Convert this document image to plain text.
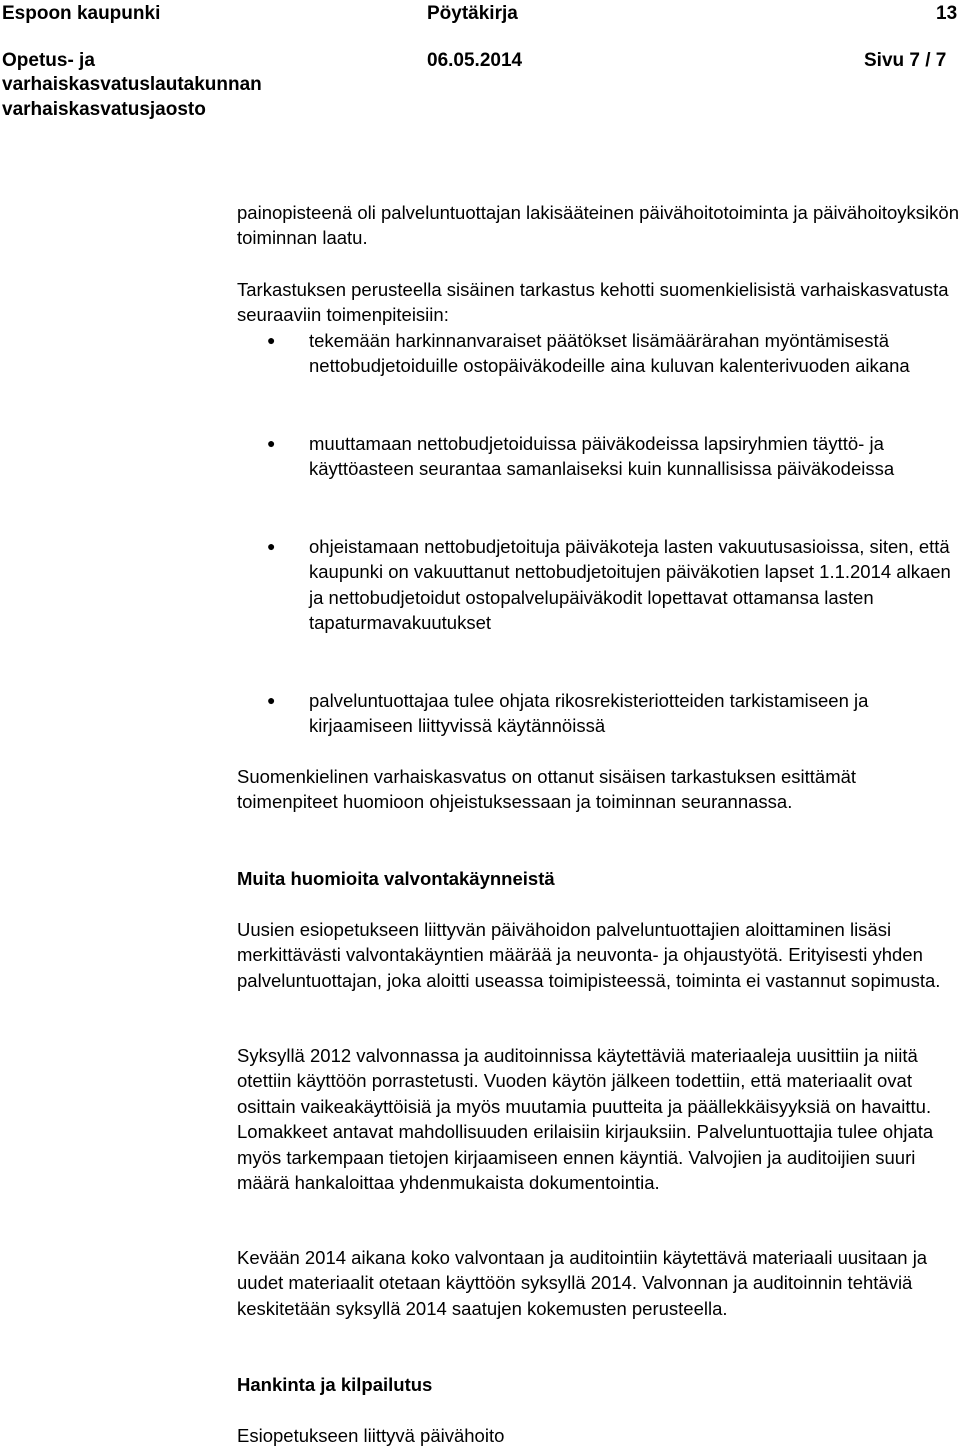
Espoon kaupunki	Pöytäkirja	13
Opetus- ja	06.05.2014	Sivu 7 / 7
varhaiskasvatuslautakunnan
varhaiskasvatusjaosto

painopisteenä oli palveluntuottajan lakisääteinen päivähoitotoiminta ja päivähoitoyksikön toiminnan laatu.

Tarkastuksen perusteella sisäinen tarkastus kehotti suomenkielisistä varhaiskasvatusta seuraaviin toimenpiteisiin:

● tekemään harkinnanvaraiset päätökset lisämäärärahan myöntämisestä nettobudjetoiduille ostopäiväkodeille aina kuluvan kalenterivuoden aikana
● muuttamaan nettobudjetoiduissa päiväkodeissa lapsiryhmien täyttö- ja käyttöasteen seurantaa samanlaiseksi kuin kunnallisissa päiväkodeissa
● ohjeistamaan nettobudjetoituja päiväkoteja lasten vakuutusasioissa, siten, että kaupunki on vakuuttanut nettobudjetoitujen päiväkotien lapset 1.1.2014 alkaen ja nettobudjetoidut ostopalvelupäiväkodit lopettavat ottamansa lasten tapaturmavakuutukset
● palveluntuottajaa tulee ohjata rikosrekisteriotteiden tarkistamiseen ja kirjaamiseen liittyvissä käytännöissä

Suomenkielinen varhaiskasvatus on ottanut sisäisen tarkastuksen esittämät toimenpiteet huomioon ohjeistuksessaan ja toiminnan seurannassa.

Muita huomioita valvontakäynneistä

Uusien esiopetukseen liittyvän päivähoidon palveluntuottajien aloittaminen lisäsi merkittävästi valvontakäyntien määrää ja neuvonta- ja ohjaustyötä. Erityisesti yhden palveluntuottajan, joka aloitti useassa toimipisteessä, toiminta ei vastannut sopimusta.

Syksyllä 2012 valvonnassa ja auditoinnissa käytettäviä materiaaleja uusittiin ja niitä otettiin käyttöön porrastetusti. Vuoden käytön jälkeen todettiin, että materiaalit ovat osittain vaikeakäyttöisiä ja myös muutamia puutteita ja päällekkäisyyksiä on havaittu. Lomakkeet antavat mahdollisuuden erilaisiin kirjauksiin. Palveluntuottajia tulee ohjata myös tarkempaan tietojen kirjaamiseen ennen käyntiä. Valvojien ja auditoijien suuri määrä hankaloittaa yhdenmukaista dokumentointia.

Kevään 2014 aikana koko valvontaan ja auditointiin käytettävä materiaali uusitaan ja uudet materiaalit otetaan käyttöön syksyllä 2014. Valvonnan ja auditoinnin tehtäviä keskitetään syksyllä 2014 saatujen kokemusten perusteella.

Hankinta ja kilpailutus

Esiopetukseen liittyvä päivähoito
